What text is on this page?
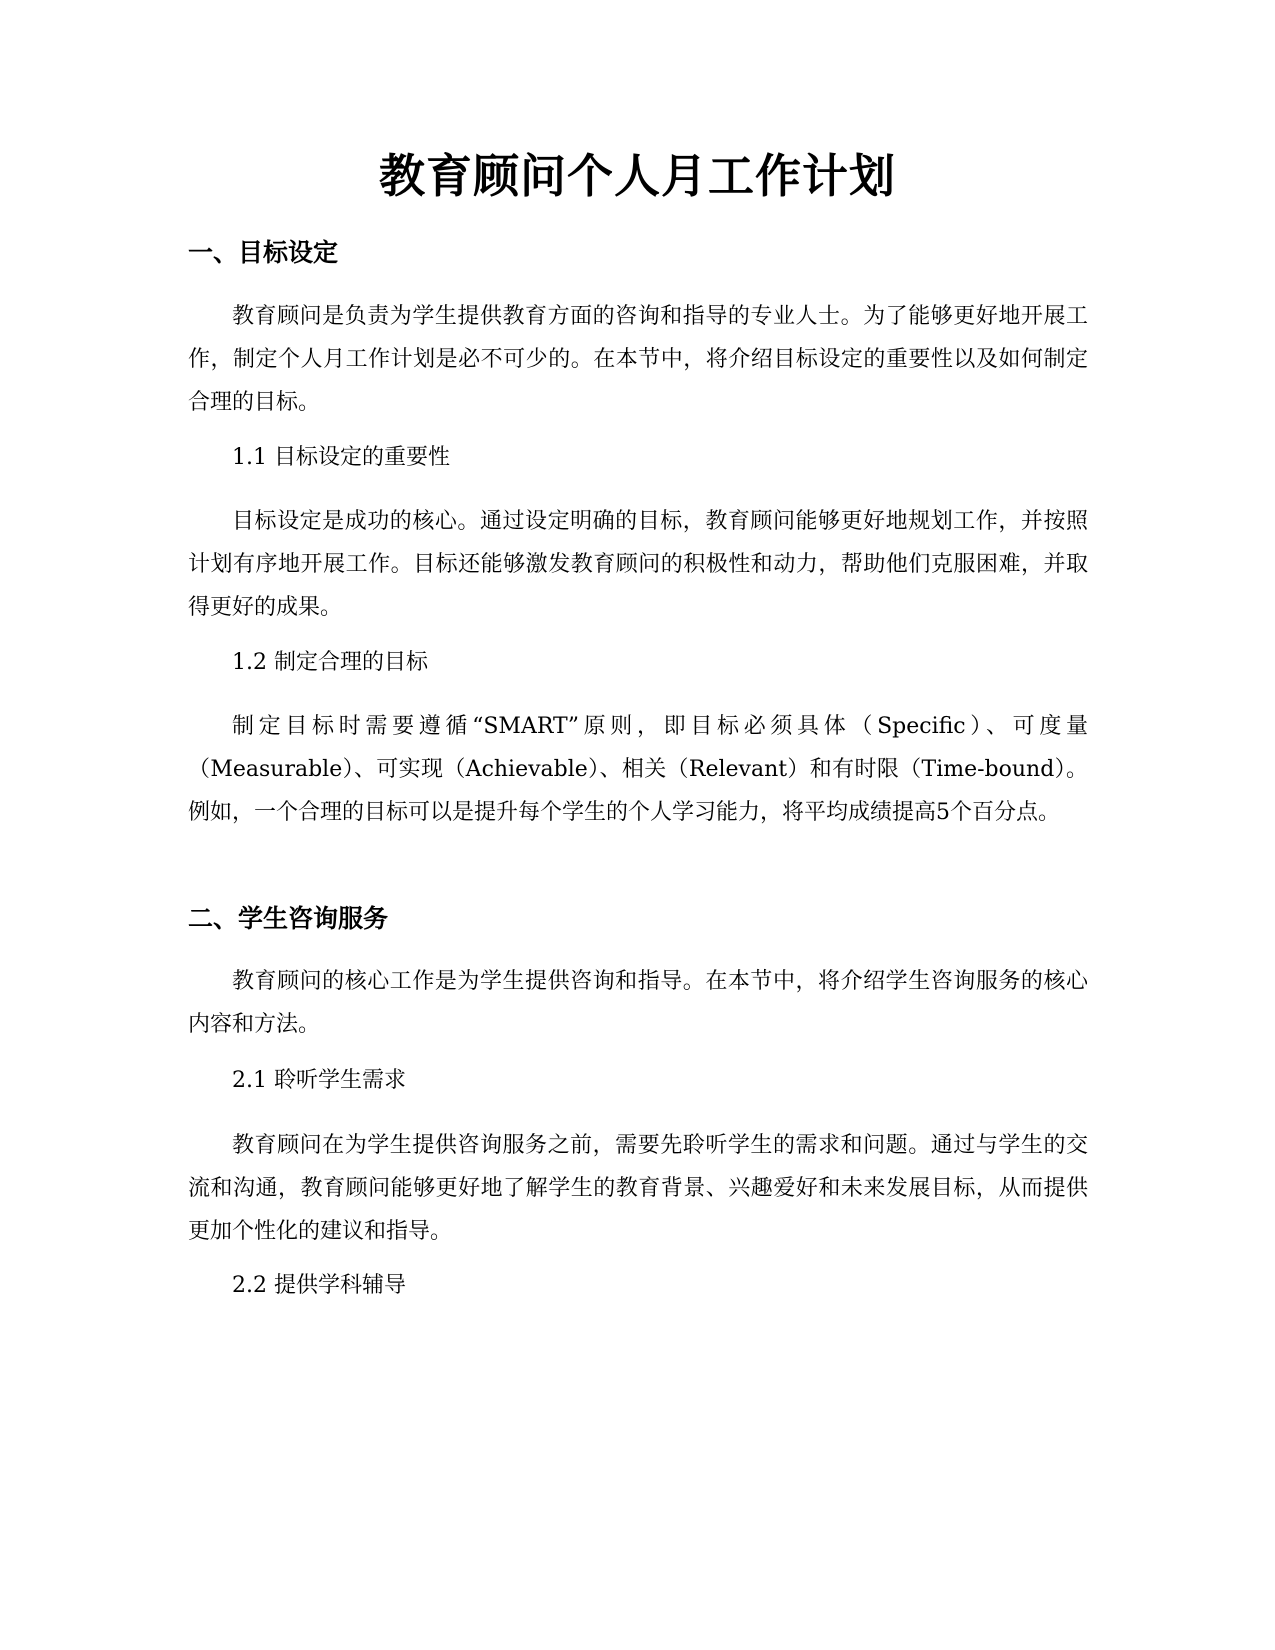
教育顾问个人月工作计划
一、目标设定

教育顾问是负责为学生提供教育方面的咨询和指导的专业人士。为了能够更好地开展工作，制定个人月工作计划是必不可少的。在本节中，将介绍目标设定的重要性以及如何制定合理的目标。

1.1 目标设定的重要性

目标设定是成功的核心。通过设定明确的目标，教育顾问能够更好地规划工作，并按照计划有序地开展工作。目标还能够激发教育顾问的积极性和动力，帮助他们克服困难，并取得更好的成果。

1.2 制定合理的目标

制定目标时需要遵循“SMART”原则，即目标必须具体（Specific）、可度量（Measurable）、可实现（Achievable）、相关（Relevant）和有时限（Time-bound）。例如，一个合理的目标可以是提升每个学生的个人学习能力，将平均成绩提高5个百分点。

二、学生咨询服务

教育顾问的核心工作是为学生提供咨询和指导。在本节中，将介绍学生咨询服务的核心内容和方法。

2.1 聆听学生需求

教育顾问在为学生提供咨询服务之前，需要先聆听学生的需求和问题。通过与学生的交流和沟通，教育顾问能够更好地了解学生的教育背景、兴趣爱好和未来发展目标，从而提供更加个性化的建议和指导。

2.2 提供学科辅导
